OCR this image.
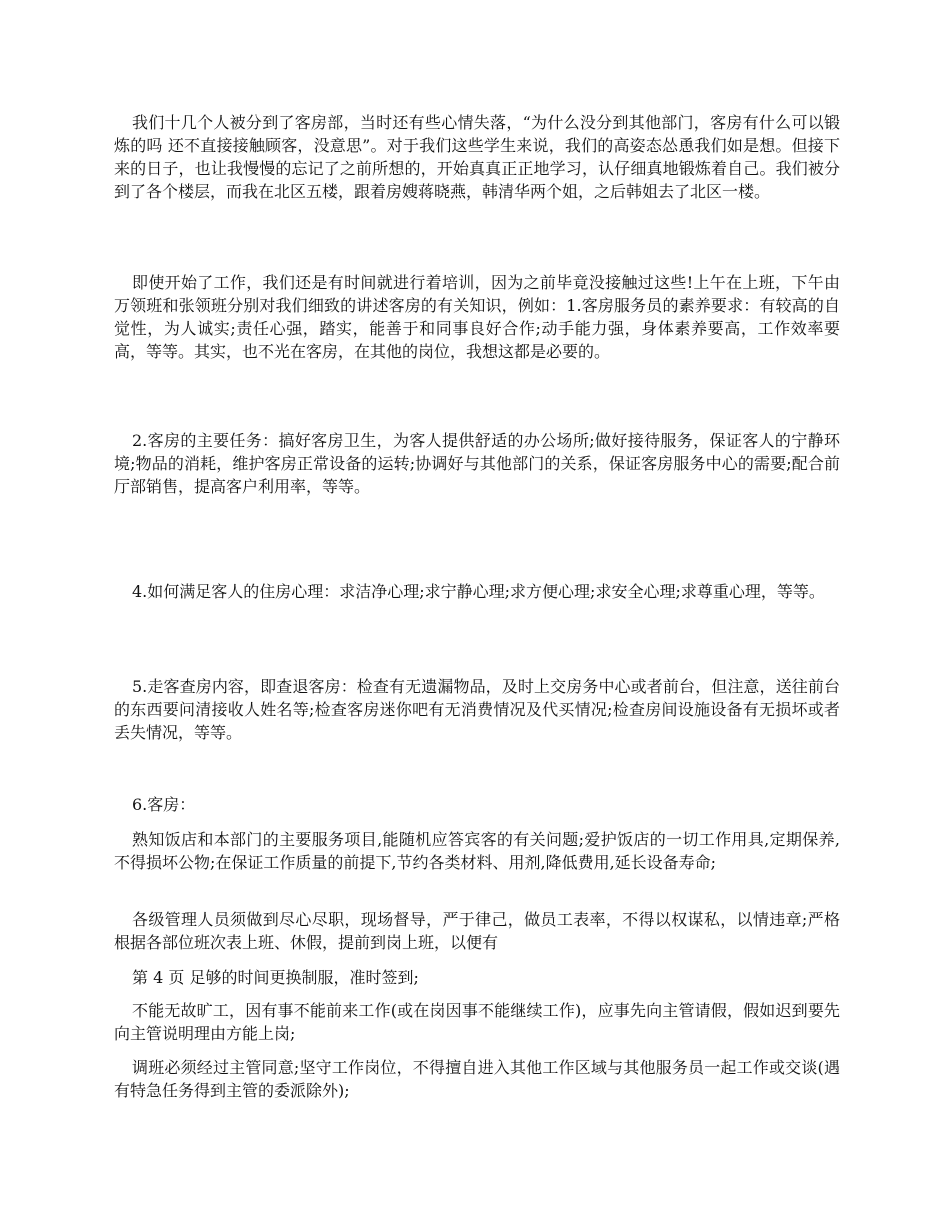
我们十几个人被分到了客房部，当时还有些心情失落，“为什么没分到其他部门，客房有什么可以锻炼的吗 还不直接接触顾客，没意思”。对于我们这些学生来说，我们的高姿态怂恿我们如是想。但接下来的日子，也让我慢慢的忘记了之前所想的，开始真真正正地学习，认仔细真地锻炼着自己。我们被分到了各个楼层，而我在北区五楼，跟着房嫂蒋晓燕，韩清华两个姐，之后韩姐去了北区一楼。

即使开始了工作，我们还是有时间就进行着培训，因为之前毕竟没接触过这些!上午在上班，下午由万领班和张领班分别对我们细致的讲述客房的有关知识，例如：1.客房服务员的素养要求：有较高的自觉性，为人诚实;责任心强，踏实，能善于和同事良好合作;动手能力强，身体素养要高，工作效率要高，等等。其实，也不光在客房，在其他的岗位，我想这都是必要的。

2.客房的主要任务：搞好客房卫生，为客人提供舒适的办公场所;做好接待服务，保证客人的宁静环境;物品的消耗，维护客房正常设备的运转;协调好与其他部门的关系，保证客房服务中心的需要;配合前厅部销售，提高客户利用率，等等。

4.如何满足客人的住房心理：求洁净心理;求宁静心理;求方便心理;求安全心理;求尊重心理，等等。

5.走客查房内容，即查退客房：检查有无遗漏物品，及时上交房务中心或者前台，但注意，送往前台的东西要问清接收人姓名等;检查客房迷你吧有无消费情况及代买情况;检查房间设施设备有无损坏或者丢失情况，等等。

6.客房：

熟知饭店和本部门的主要服务项目,能随机应答宾客的有关问题;爱护饭店的一切工作用具,定期保养,不得损坏公物;在保证工作质量的前提下,节约各类材料、用剂,降低费用,延长设备寿命;

各级管理人员须做到尽心尽职，现场督导，严于律己，做员工表率，不得以权谋私，以情违章;严格根据各部位班次表上班、休假，提前到岗上班，以便有

第 4 页 足够的时间更换制服，准时签到;

不能无故旷工，因有事不能前来工作(或在岗因事不能继续工作)，应事先向主管请假，假如迟到要先向主管说明理由方能上岗;

调班必须经过主管同意;坚守工作岗位，不得擅自进入其他工作区域与其他服务员一起工作或交谈(遇有特急任务得到主管的委派除外);
